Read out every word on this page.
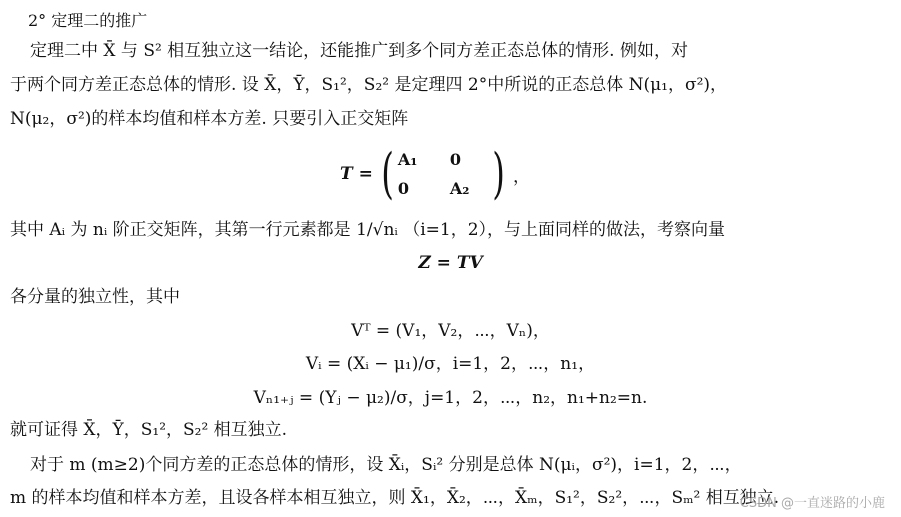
2° 定理二的推广
定理二中 X̄ 与 S² 相互独立这一结论，还能推广到多个同方差正态总体的情形. 例如，对
于两个同方差正态总体的情形. 设 X̄，Ȳ，S₁²，S₂² 是定理四 2°中所说的正态总体 N(μ₁，σ²)，
N(μ₂，σ²)的样本均值和样本方差. 只要引入正交矩阵
T = ( A₁	0
0	A₂ ) ，
其中 Aᵢ 为 nᵢ 阶正交矩阵，其第一行元素都是 1/√nᵢ （i=1，2），与上面同样的做法，考察向量
Z = TV
各分量的独立性，其中
Vᵀ = (V₁，V₂，⋯，Vₙ)，
Vᵢ = (Xᵢ − μ₁)/σ，i=1，2，⋯，n₁，
Vₙ₁₊ⱼ = (Yⱼ − μ₂)/σ，j=1，2，⋯，n₂，n₁+n₂=n.
就可证得 X̄，Ȳ，S₁²，S₂² 相互独立.
对于 m (m≥2)个同方差的正态总体的情形，设 X̄ᵢ，Sᵢ² 分别是总体 N(μᵢ，σ²)，i=1，2，⋯，
m 的样本均值和样本方差，且设各样本相互独立，则 X̄₁，X̄₂，⋯，X̄ₘ，S₁²，S₂²，⋯，Sₘ² 相互独立.
CSDN @一直迷路的小鹿
